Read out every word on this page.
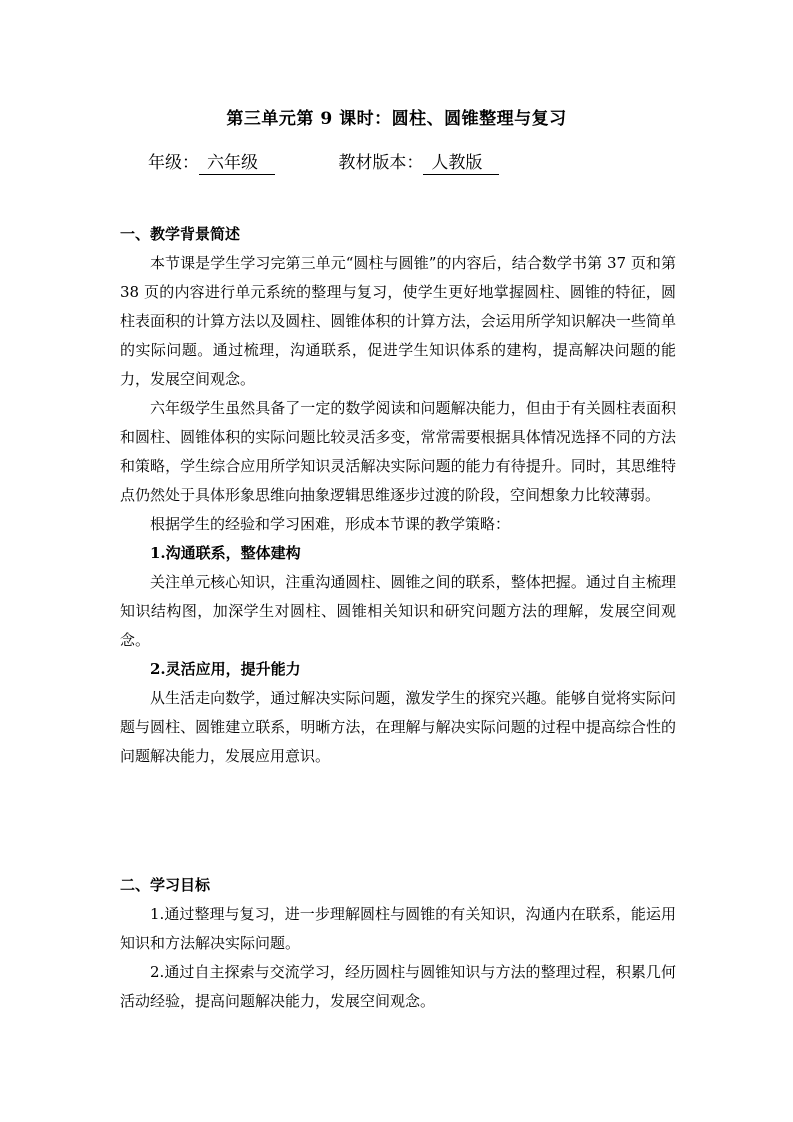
第三单元第 9 课时：圆柱、圆锥整理与复习
年级： 六年级	教材版本： 人教版
一、教学背景简述

本节课是学生学习完第三单元“圆柱与圆锥”的内容后，结合数学书第 37 页和第 38 页的内容进行单元系统的整理与复习，使学生更好地掌握圆柱、圆锥的特征，圆柱表面积的计算方法以及圆柱、圆锥体积的计算方法，会运用所学知识解决一些简单的实际问题。通过梳理，沟通联系，促进学生知识体系的建构，提高解决问题的能力，发展空间观念。

六年级学生虽然具备了一定的数学阅读和问题解决能力，但由于有关圆柱表面积和圆柱、圆锥体积的实际问题比较灵活多变，常常需要根据具体情况选择不同的方法和策略，学生综合应用所学知识灵活解决实际问题的能力有待提升。同时，其思维特点仍然处于具体形象思维向抽象逻辑思维逐步过渡的阶段，空间想象力比较薄弱。

根据学生的经验和学习困难，形成本节课的教学策略：

1.沟通联系，整体建构

关注单元核心知识，注重沟通圆柱、圆锥之间的联系，整体把握。通过自主梳理知识结构图，加深学生对圆柱、圆锥相关知识和研究问题方法的理解，发展空间观念。

2.灵活应用，提升能力

从生活走向数学，通过解决实际问题，激发学生的探究兴趣。能够自觉将实际问题与圆柱、圆锥建立联系，明晰方法，在理解与解决实际问题的过程中提高综合性的问题解决能力，发展应用意识。

二、学习目标

1.通过整理与复习，进一步理解圆柱与圆锥的有关知识，沟通内在联系，能运用知识和方法解决实际问题。

2.通过自主探索与交流学习，经历圆柱与圆锥知识与方法的整理过程，积累几何活动经验，提高问题解决能力，发展空间观念。
